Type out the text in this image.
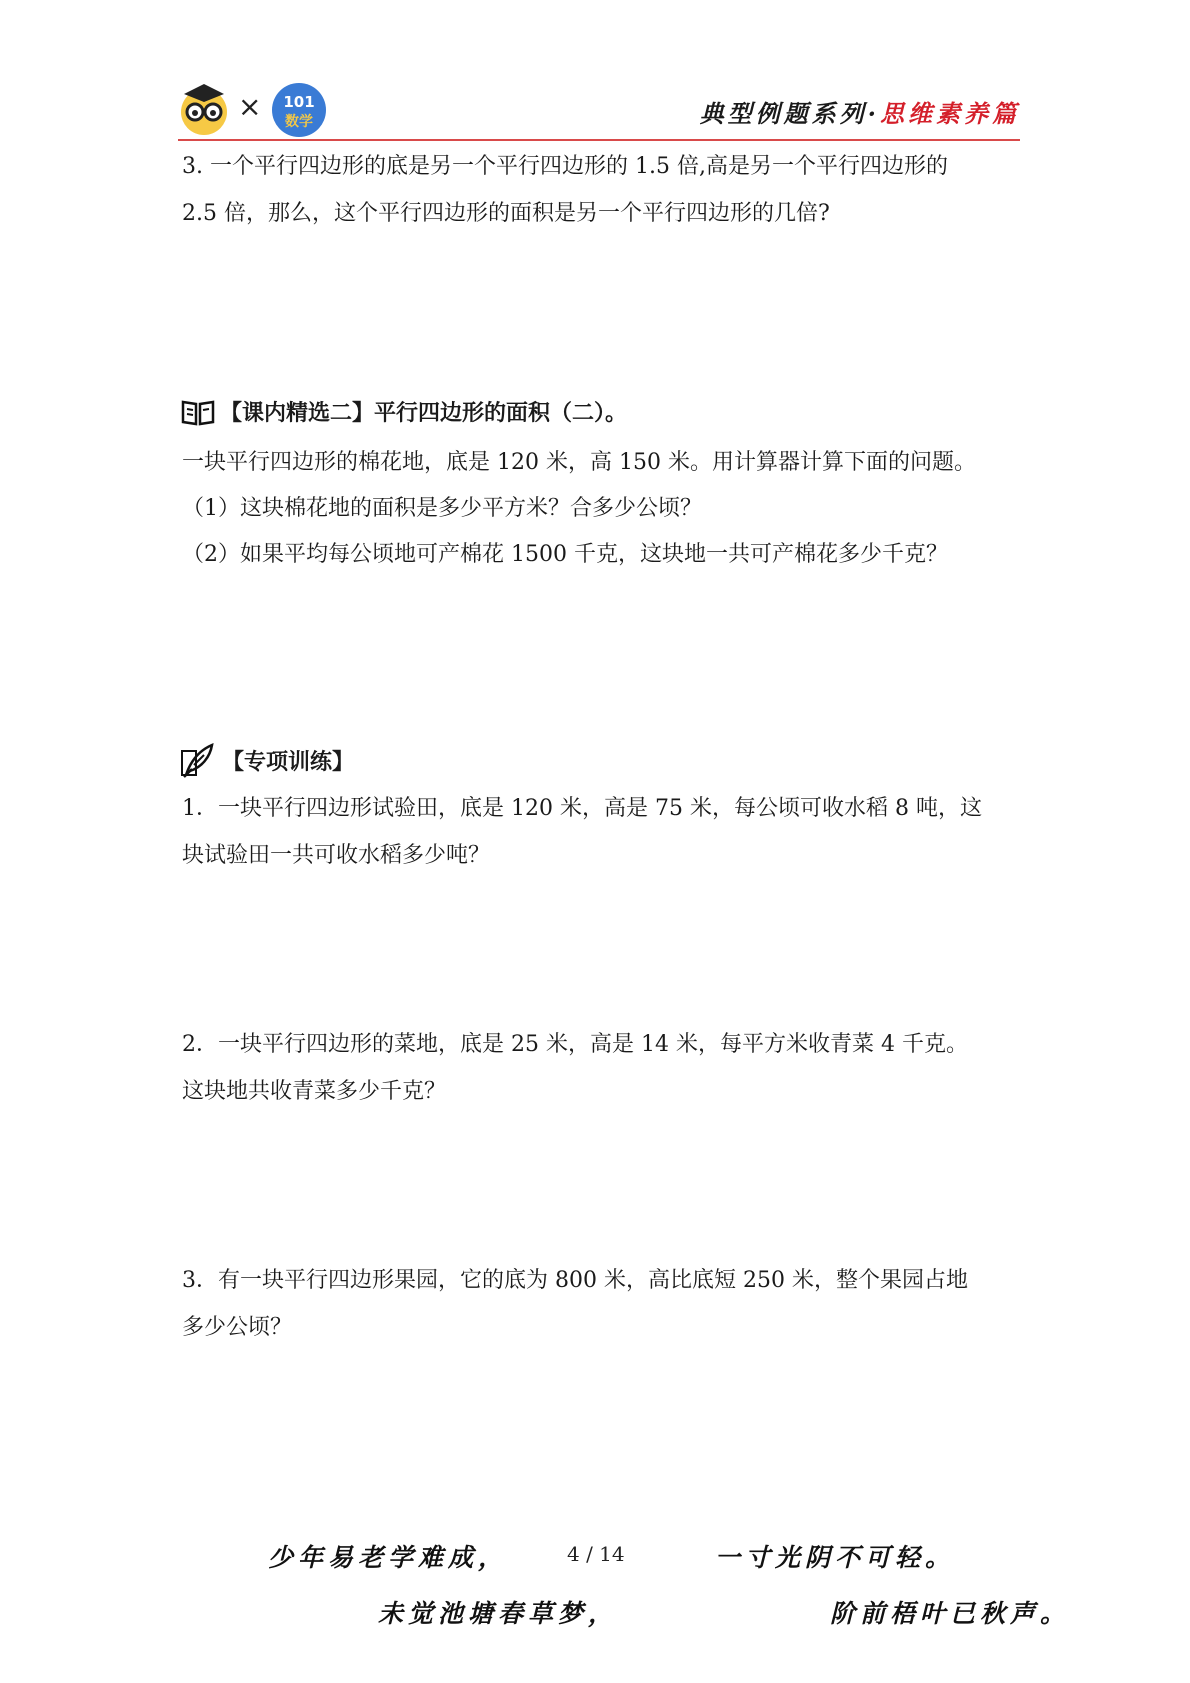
× 101
数学	典型例题系列·思维素养篇

3. 一个平行四边形的底是另一个平行四边形的 1.5 倍,高是另一个平行四边形的

2.5 倍，那么，这个平行四边形的面积是另一个平行四边形的几倍?

【课内精选二】平行四边形的面积（二）。

一块平行四边形的棉花地，底是 120 米，高 150 米。用计算器计算下面的问题。

（1）这块棉花地的面积是多少平方米？合多少公顷？

（2）如果平均每公顷地可产棉花 1500 千克，这块地一共可产棉花多少千克？

【专项训练】

1．一块平行四边形试验田，底是 120 米，高是 75 米，每公顷可收水稻 8 吨，这

块试验田一共可收水稻多少吨？

2．一块平行四边形的菜地，底是 25 米，高是 14 米，每平方米收青菜 4 千克。

这块地共收青菜多少千克？

3．有一块平行四边形果园，它的底为 800 米，高比底短 250 米，整个果园占地

多少公顷？

少年易老学难成，	4 / 14	一寸光阴不可轻。
未觉池塘春草梦，	阶前梧叶已秋声。
